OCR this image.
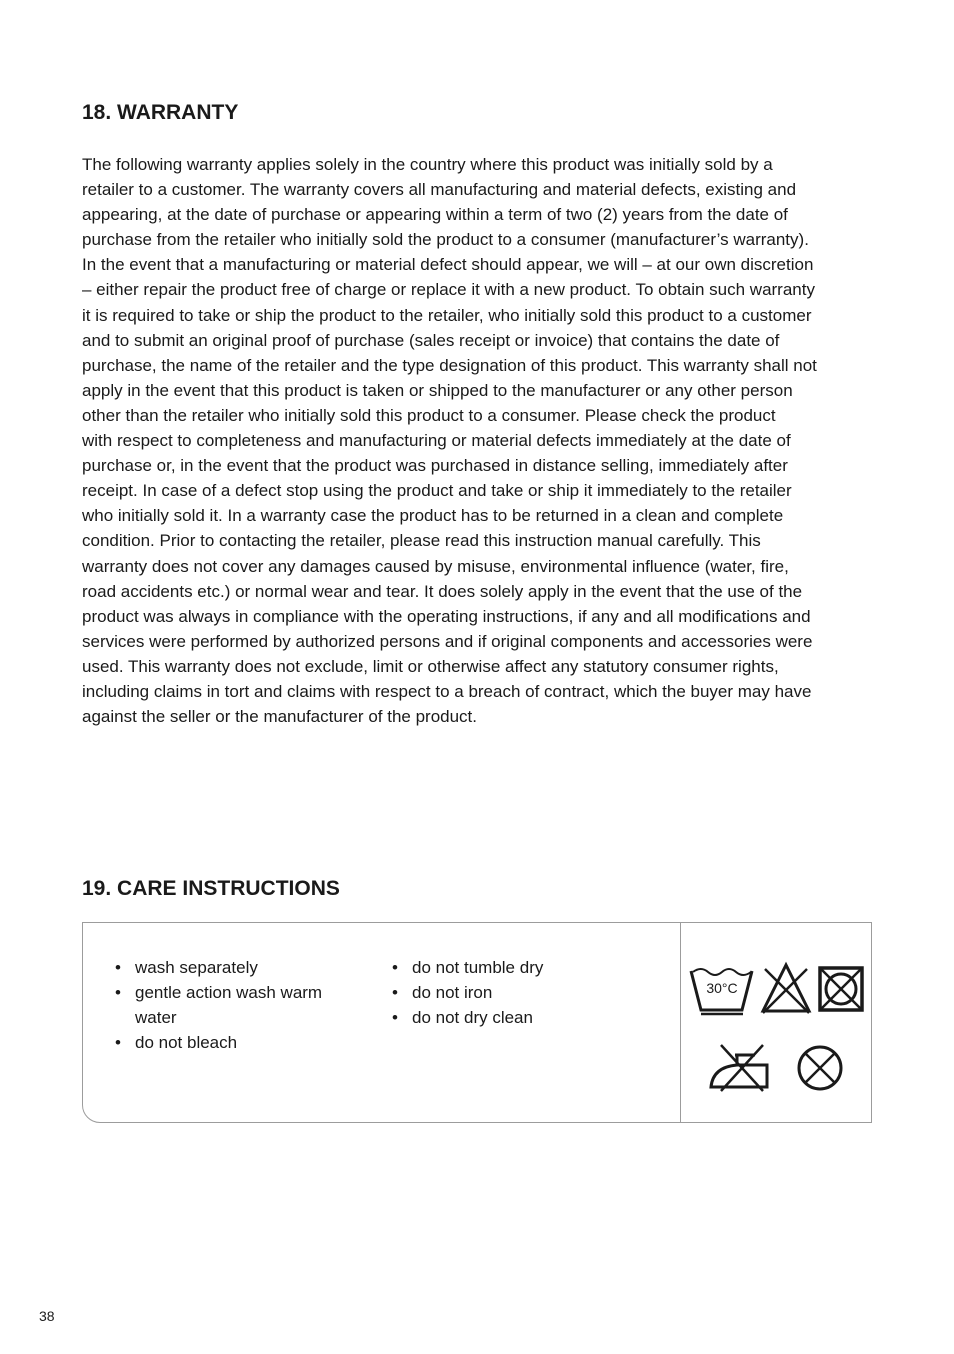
18. WARRANTY
The following warranty applies solely in the country where this product was initially sold by a
retailer to a customer. The warranty covers all manufacturing and material defects, existing and
appearing, at the date of purchase or appearing within a term of two (2) years from the date of
purchase from the retailer who initially sold the product to a consumer (manufacturer’s warranty).
In the event that a manufacturing or material defect should appear, we will – at our own discretion
– either repair the product free of charge or replace it with a new product. To obtain such warranty
it is required to take or ship the product to the retailer, who initially sold this product to a customer
and to submit an original proof of purchase (sales receipt or invoice) that contains the date of
purchase, the name of the retailer and the type designation of this product. This warranty shall not
apply in the event that this product is taken or shipped to the manufacturer or any other person
other than the retailer who initially sold this product to a consumer. Please check the product
with respect to completeness and manufacturing or material defects immediately at the date of
purchase or, in the event that the product was purchased in distance selling, immediately after
receipt. In case of a defect stop using the product and take or ship it immediately to the retailer
who initially sold it. In a warranty case the product has to be returned in a clean and complete
condition. Prior to contacting the retailer, please read this instruction manual carefully. This
warranty does not cover any damages caused by misuse, environmental influence (water, fire,
road accidents etc.) or normal wear and tear. It does solely apply in the event that the use of the
product was always in compliance with the operating instructions, if any and all modifications and
services were performed by authorized persons and if original components and accessories were
used. This warranty does not exclude, limit or otherwise affect any statutory consumer rights,
including claims in tort and claims with respect to a breach of contract, which the buyer may have
against the seller or the manufacturer of the product.
19. CARE INSTRUCTIONS
• wash separately
• gentle action wash warm water
• do not bleach
• do not tumble dry
• do not iron
• do not dry clean
30°C
38
